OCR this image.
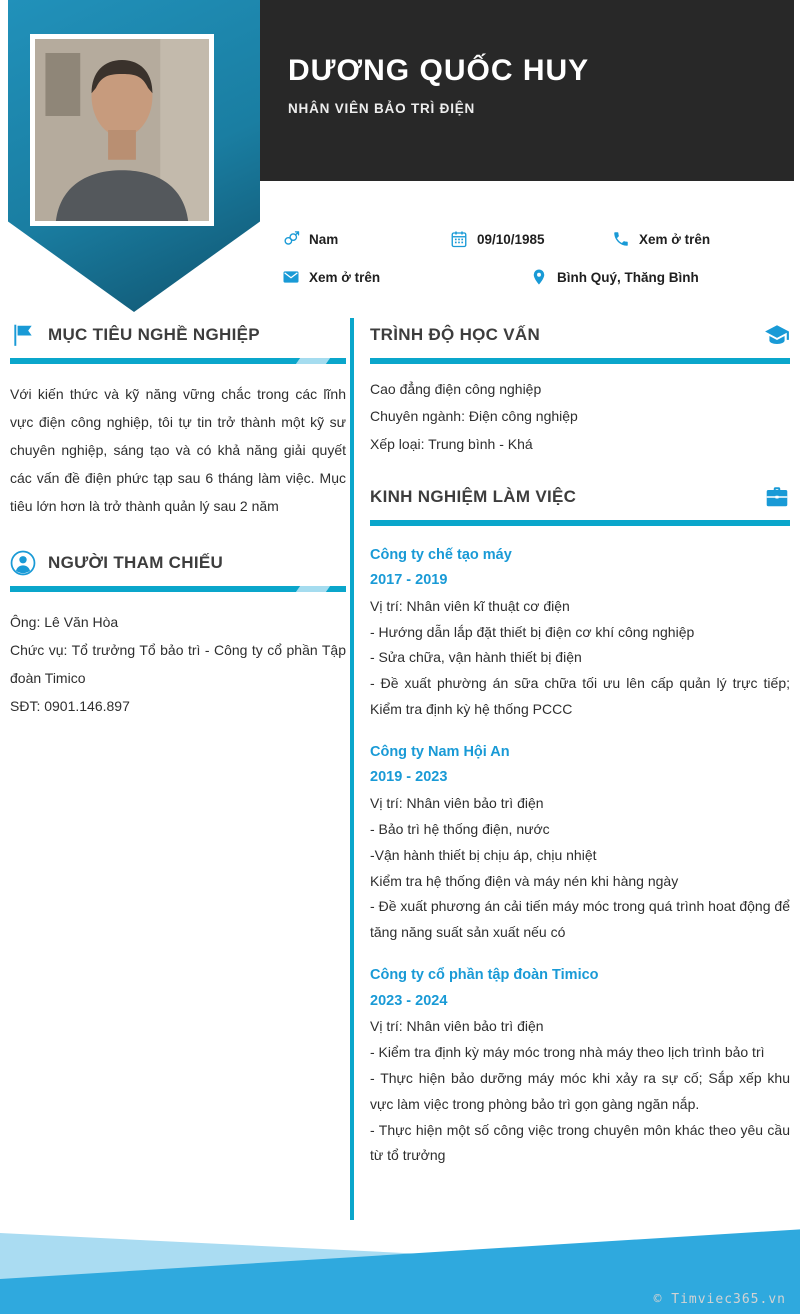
DƯƠNG QUỐC HUY
NHÂN VIÊN BẢO TRÌ ĐIỆN
Nam	09/10/1985	Xem ở trên
Xem ở trên	Bình Quý, Thăng Bình
MỤC TIÊU NGHỀ NGHIỆP

Với kiến thức và kỹ năng vững chắc trong các lĩnh vực điện công nghiệp, tôi tự tin trở thành một kỹ sư chuyên nghiệp, sáng tạo và có khả năng giải quyết các vấn đề điện phức tạp sau 6 tháng làm việc. Mục tiêu lớn hơn là trở thành quản lý sau 2 năm

NGƯỜI THAM CHIẾU

Ông: Lê Văn Hòa

Chức vụ: Tổ trưởng Tổ bảo trì - Công ty cổ phần Tập đoàn Timico

SĐT: 0901.146.897

TRÌNH ĐỘ HỌC VẤN

Cao đẳng điện công nghiệp

Chuyên ngành: Điện công nghiệp

Xếp loại: Trung bình - Khá

KINH NGHIỆM LÀM VIỆC
Công ty chế tạo máy
2017 - 2019

Vị trí: Nhân viên kĩ thuật cơ điện

- Hướng dẫn lắp đặt thiết bị điện cơ khí công nghiệp

- Sửa chữa, vận hành thiết bị điện

- Đề xuất phường án sữa chữa tối ưu lên cấp quản lý trực tiếp; Kiểm tra định kỳ hệ thống PCCC

Công ty Nam Hội An
2019 - 2023

Vị trí: Nhân viên bảo trì điện

- Bảo trì hệ thống điện, nước

-Vận hành thiết bị chịu áp, chịu nhiệt

Kiểm tra hệ thống điện và máy nén khi hàng ngày

- Đề xuất phương án cải tiến máy móc trong quá trình hoat động để tăng năng suất sản xuất nếu có

Công ty cổ phần tập đoàn Timico
2023 - 2024

Vị trí: Nhân viên bảo trì điện

- Kiểm tra định kỳ máy móc trong nhà máy theo lịch trình bảo trì

- Thực hiện bảo dưỡng máy móc khi xảy ra sự cố; Sắp xếp khu vực làm việc trong phòng bảo trì gọn gàng ngăn nắp.

- Thực hiện một số công việc trong chuyên môn khác theo yêu cầu từ tổ trưởng

© Timviec365.vn
